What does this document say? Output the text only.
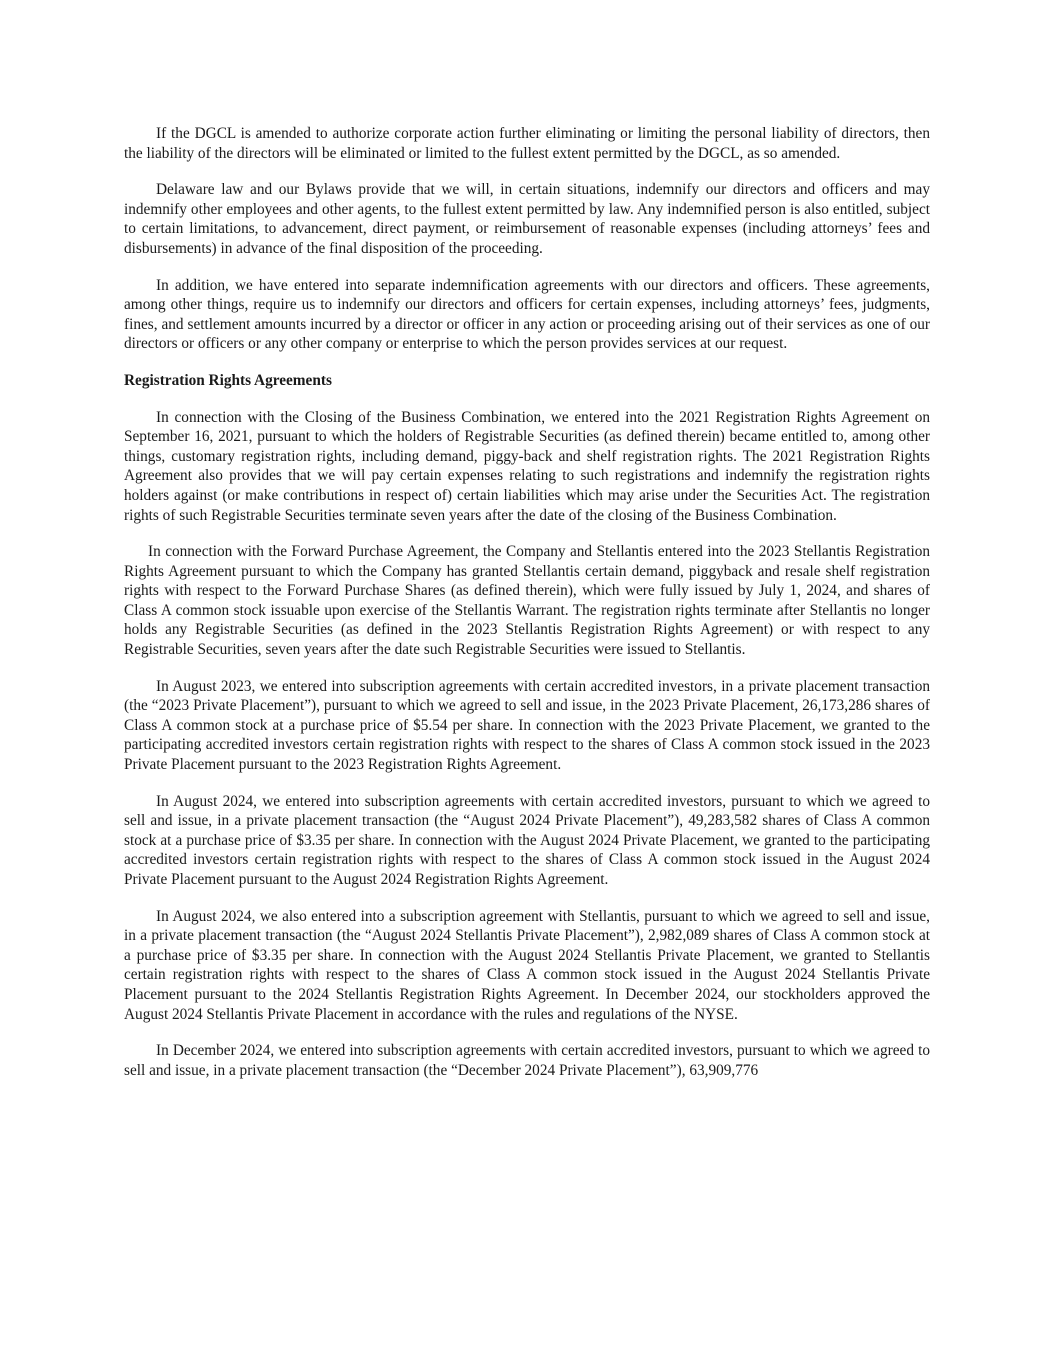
If the DGCL is amended to authorize corporate action further eliminating or limiting the personal liability of directors, then the liability of the directors will be eliminated or limited to the fullest extent permitted by the DGCL, as so amended.

Delaware law and our Bylaws provide that we will, in certain situations, indemnify our directors and officers and may indemnify other employees and other agents, to the fullest extent permitted by law. Any indemnified person is also entitled, subject to certain limitations, to advancement, direct payment, or reimbursement of reasonable expenses (including attorneys’ fees and disbursements) in advance of the final disposition of the proceeding.

In addition, we have entered into separate indemnification agreements with our directors and officers. These agreements, among other things, require us to indemnify our directors and officers for certain expenses, including attorneys’ fees, judgments, fines, and settlement amounts incurred by a director or officer in any action or proceeding arising out of their services as one of our directors or officers or any other company or enterprise to which the person provides services at our request.

Registration Rights Agreements

In connection with the Closing of the Business Combination, we entered into the 2021 Registration Rights Agreement on September 16, 2021, pursuant to which the holders of Registrable Securities (as defined therein) became entitled to, among other things, customary registration rights, including demand, piggy-back and shelf registration rights. The 2021 Registration Rights Agreement also provides that we will pay certain expenses relating to such registrations and indemnify the registration rights holders against (or make contributions in respect of) certain liabilities which may arise under the Securities Act. The registration rights of such Registrable Securities terminate seven years after the date of the closing of the Business Combination.

In connection with the Forward Purchase Agreement, the Company and Stellantis entered into the 2023 Stellantis Registration Rights Agreement pursuant to which the Company has granted Stellantis certain demand, piggyback and resale shelf registration rights with respect to the Forward Purchase Shares (as defined therein), which were fully issued by July 1, 2024, and shares of Class A common stock issuable upon exercise of the Stellantis Warrant. The registration rights terminate after Stellantis no longer holds any Registrable Securities (as defined in the 2023 Stellantis Registration Rights Agreement) or with respect to any Registrable Securities, seven years after the date such Registrable Securities were issued to Stellantis.

In August 2023, we entered into subscription agreements with certain accredited investors, in a private placement transaction (the “2023 Private Placement”), pursuant to which we agreed to sell and issue, in the 2023 Private Placement, 26,173,286 shares of Class A common stock at a purchase price of $5.54 per share. In connection with the 2023 Private Placement, we granted to the participating accredited investors certain registration rights with respect to the shares of Class A common stock issued in the 2023 Private Placement pursuant to the 2023 Registration Rights Agreement.

In August 2024, we entered into subscription agreements with certain accredited investors, pursuant to which we agreed to sell and issue, in a private placement transaction (the “August 2024 Private Placement”), 49,283,582 shares of Class A common stock at a purchase price of $3.35 per share. In connection with the August 2024 Private Placement, we granted to the participating accredited investors certain registration rights with respect to the shares of Class A common stock issued in the August 2024 Private Placement pursuant to the August 2024 Registration Rights Agreement.

In August 2024, we also entered into a subscription agreement with Stellantis, pursuant to which we agreed to sell and issue, in a private placement transaction (the “August 2024 Stellantis Private Placement”), 2,982,089 shares of Class A common stock at a purchase price of $3.35 per share. In connection with the August 2024 Stellantis Private Placement, we granted to Stellantis certain registration rights with respect to the shares of Class A common stock issued in the August 2024 Stellantis Private Placement pursuant to the 2024 Stellantis Registration Rights Agreement. In December 2024, our stockholders approved the August 2024 Stellantis Private Placement in accordance with the rules and regulations of the NYSE.

In December 2024, we entered into subscription agreements with certain accredited investors, pursuant to which we agreed to sell and issue, in a private placement transaction (the “December 2024 Private Placement”), 63,909,776
